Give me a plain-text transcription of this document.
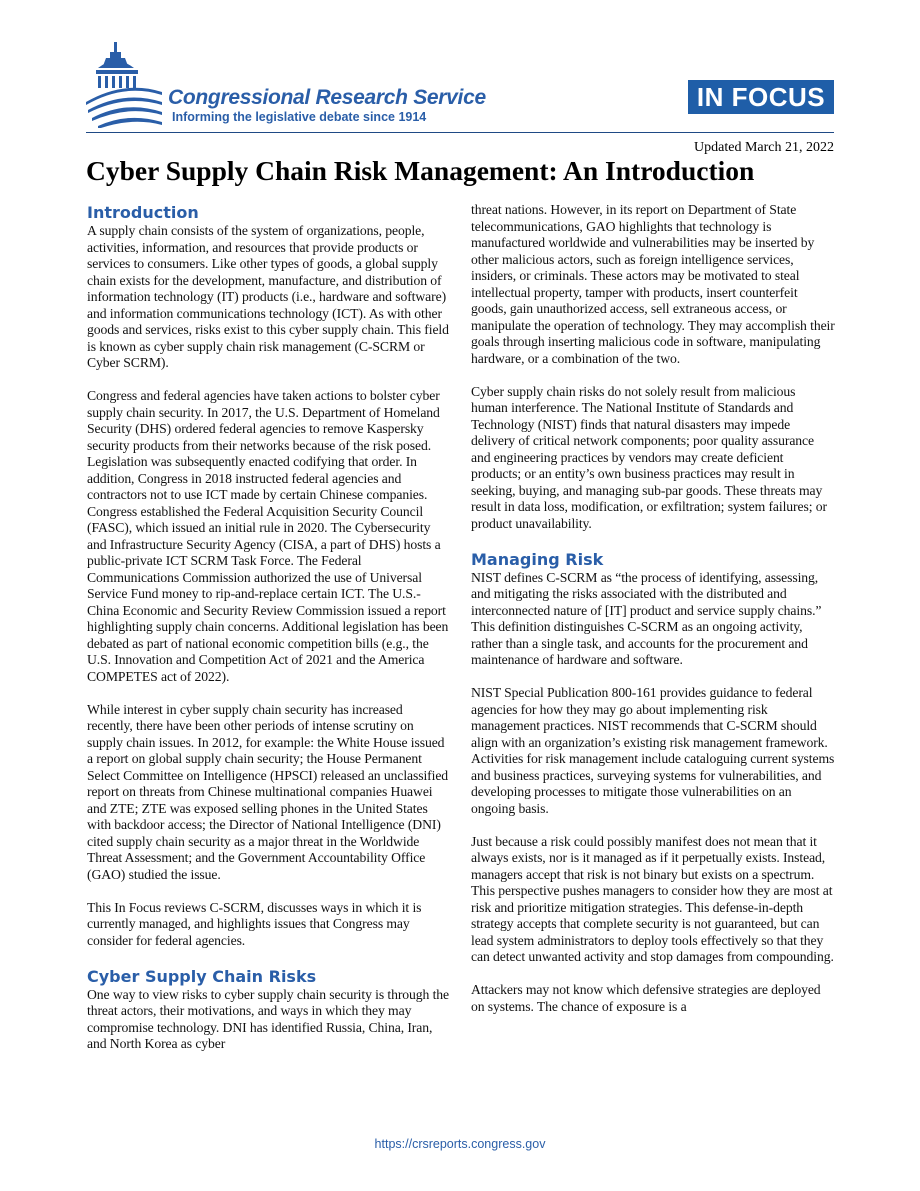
Congressional Research Service
Informing the legislative debate since 1914
IN FOCUS
Updated March 21, 2022
Cyber Supply Chain Risk Management: An Introduction
Introduction

A supply chain consists of the system of organizations, people, activities, information, and resources that provide products or services to consumers. Like other types of goods, a global supply chain exists for the development, manufacture, and distribution of information technology (IT) products (i.e., hardware and software) and information communications technology (ICT). As with other goods and services, risks exist to this cyber supply chain. This field is known as cyber supply chain risk management (C-SCRM or Cyber SCRM).

Congress and federal agencies have taken actions to bolster cyber supply chain security. In 2017, the U.S. Department of Homeland Security (DHS) ordered federal agencies to remove Kaspersky security products from their networks because of the risk posed. Legislation was subsequently enacted codifying that order. In addition, Congress in 2018 instructed federal agencies and contractors not to use ICT made by certain Chinese companies. Congress established the Federal Acquisition Security Council (FASC), which issued an initial rule in 2020. The Cybersecurity and Infrastructure Security Agency (CISA, a part of DHS) hosts a public-private ICT SCRM Task Force. The Federal Communications Commission authorized the use of Universal Service Fund money to rip-and-replace certain ICT. The U.S.-China Economic and Security Review Commission issued a report highlighting supply chain concerns. Additional legislation has been debated as part of national economic competition bills (e.g., the U.S. Innovation and Competition Act of 2021 and the America COMPETES act of 2022).

While interest in cyber supply chain security has increased recently, there have been other periods of intense scrutiny on supply chain issues. In 2012, for example: the White House issued a report on global supply chain security; the House Permanent Select Committee on Intelligence (HPSCI) released an unclassified report on threats from Chinese multinational companies Huawei and ZTE; ZTE was exposed selling phones in the United States with backdoor access; the Director of National Intelligence (DNI) cited supply chain security as a major threat in the Worldwide Threat Assessment; and the Government Accountability Office (GAO) studied the issue.

This In Focus reviews C-SCRM, discusses ways in which it is currently managed, and highlights issues that Congress may consider for federal agencies.

Cyber Supply Chain Risks

One way to view risks to cyber supply chain security is through the threat actors, their motivations, and ways in which they may compromise technology. DNI has identified Russia, China, Iran, and North Korea as cyber

threat nations. However, in its report on Department of State telecommunications, GAO highlights that technology is manufactured worldwide and vulnerabilities may be inserted by other malicious actors, such as foreign intelligence services, insiders, or criminals. These actors may be motivated to steal intellectual property, tamper with products, insert counterfeit goods, gain unauthorized access, sell extraneous access, or manipulate the operation of technology. They may accomplish their goals through inserting malicious code in software, manipulating hardware, or a combination of the two.

Cyber supply chain risks do not solely result from malicious human interference. The National Institute of Standards and Technology (NIST) finds that natural disasters may impede delivery of critical network components; poor quality assurance and engineering practices by vendors may create deficient products; or an entity’s own business practices may result in seeking, buying, and managing sub-par goods. These threats may result in data loss, modification, or exfiltration; system failures; or product unavailability.

Managing Risk

NIST defines C-SCRM as “the process of identifying, assessing, and mitigating the risks associated with the distributed and interconnected nature of [IT] product and service supply chains.” This definition distinguishes C-SCRM as an ongoing activity, rather than a single task, and accounts for the procurement and maintenance of hardware and software.

NIST Special Publication 800-161 provides guidance to federal agencies for how they may go about implementing risk management practices. NIST recommends that C-SCRM should align with an organization’s existing risk management framework. Activities for risk management include cataloguing current systems and business practices, surveying systems for vulnerabilities, and developing processes to mitigate those vulnerabilities on an ongoing basis.

Just because a risk could possibly manifest does not mean that it always exists, nor is it managed as if it perpetually exists. Instead, managers accept that risk is not binary but exists on a spectrum. This perspective pushes managers to consider how they are most at risk and prioritize mitigation strategies. This defense-in-depth strategy accepts that complete security is not guaranteed, but can lead system administrators to deploy tools effectively so that they can detect unwanted activity and stop damages from compounding.

Attackers may not know which defensive strategies are deployed on systems. The chance of exposure is a

https://crsreports.congress.gov
